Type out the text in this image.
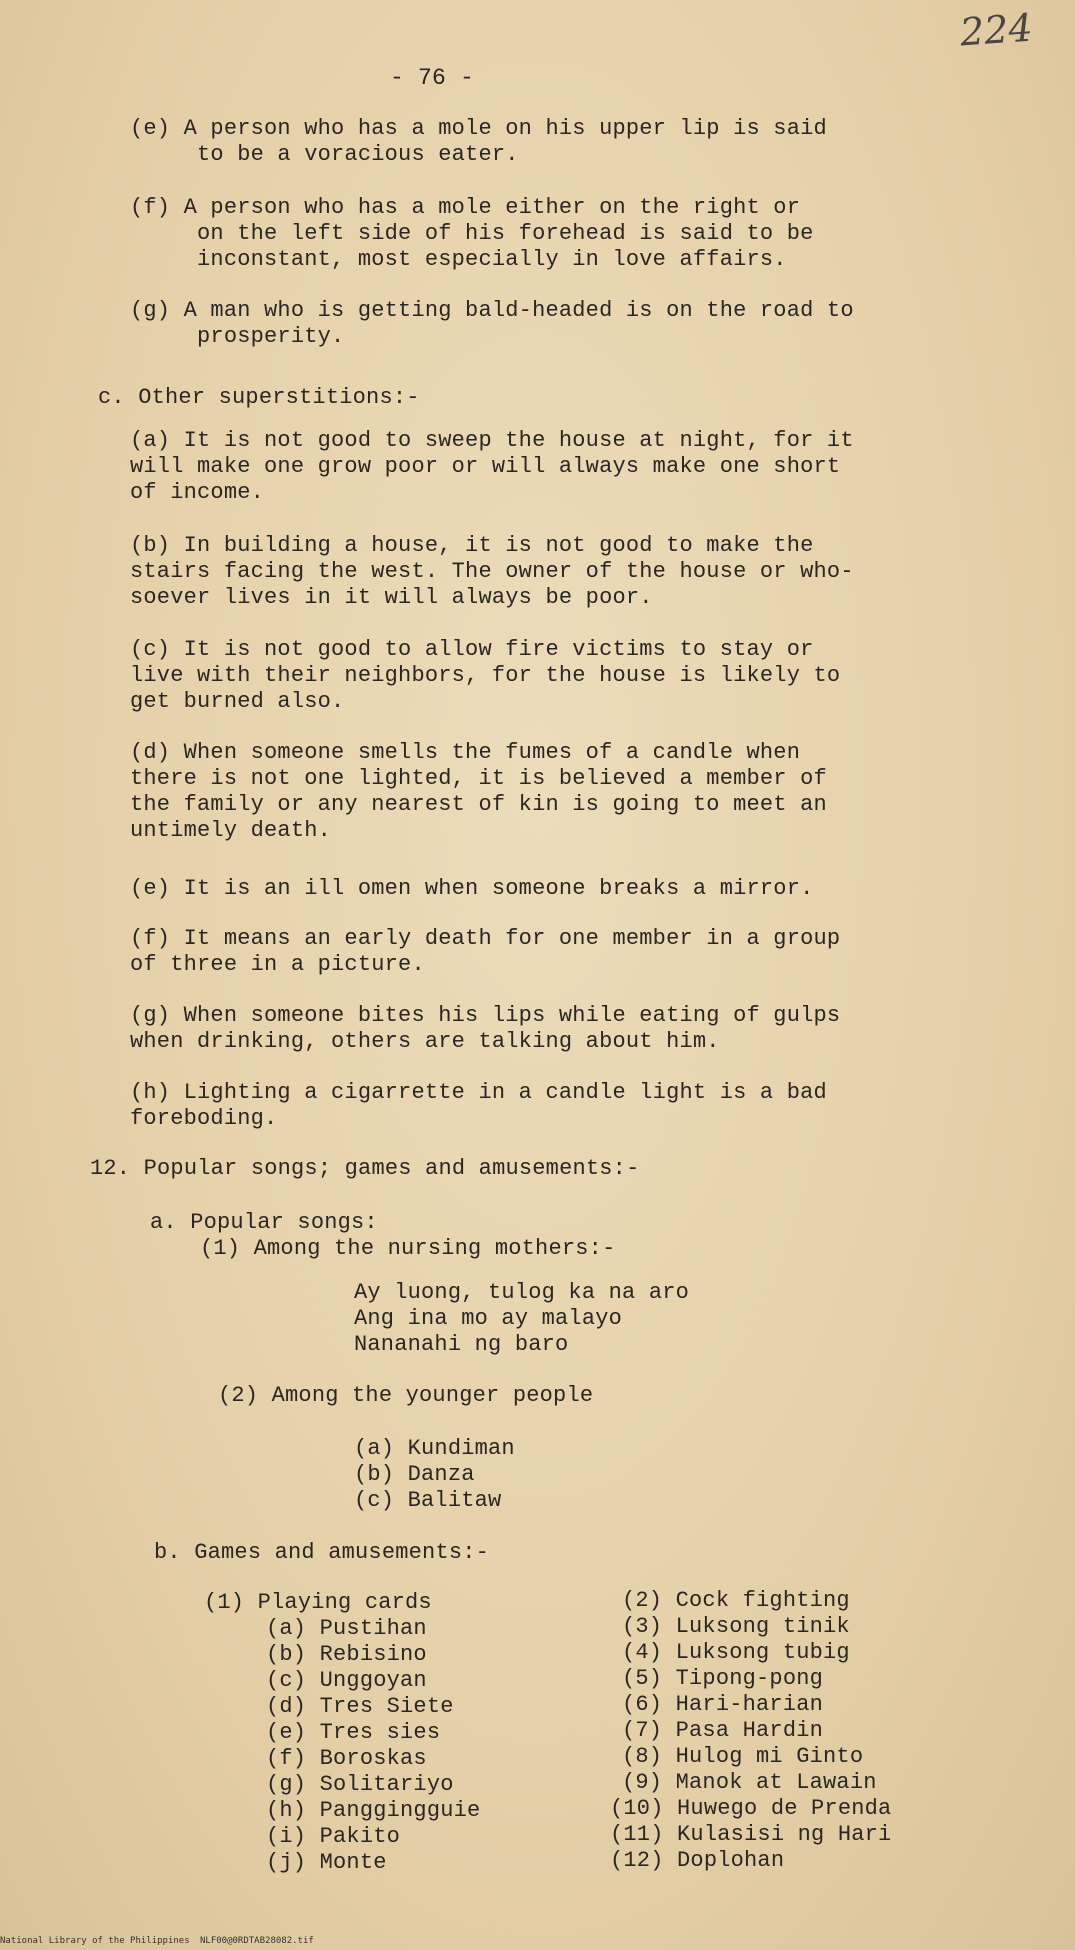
224
- 76 -
(e) A person who has a mole on his upper lip is said
to be a voracious eater.
(f) A person who has a mole either on the right or
on the left side of his forehead is said to be
inconstant, most especially in love affairs.
(g) A man who is getting bald-headed is on the road to
prosperity.
c. Other superstitions:-
(a) It is not good to sweep the house at night, for it
will make one grow poor or will always make one short
of income.
(b) In building a house, it is not good to make the
stairs facing the west. The owner of the house or who-
soever lives in it will always be poor.
(c) It is not good to allow fire victims to stay or
live with their neighbors, for the house is likely to
get burned also.
(d) When someone smells the fumes of a candle when
there is not one lighted, it is believed a member of
the family or any nearest of kin is going to meet an
untimely death.
(e) It is an ill omen when someone breaks a mirror.
(f) It means an early death for one member in a group
of three in a picture.
(g) When someone bites his lips while eating of gulps
when drinking, others are talking about him.
(h) Lighting a cigarrette in a candle light is a bad
foreboding.
12. Popular songs; games and amusements:-
a. Popular songs:
(1) Among the nursing mothers:-
Ay luong, tulog ka na aro
Ang ina mo ay malayo
Nananahi ng baro
(2) Among the younger people
(a) Kundiman
(b) Danza
(c) Balitaw
b. Games and amusements:-
(1) Playing cards
(a) Pustihan
(b) Rebisino
(c) Unggoyan
(d) Tres Siete
(e) Tres sies
(f) Boroskas
(g) Solitariyo
(h) Panggingguie
(i) Pakito
(j) Monte
(2) Cock fighting
(3) Luksong tinik
(4) Luksong tubig
(5) Tipong-pong
(6) Hari-harian
(7) Pasa Hardin
(8) Hulog mi Ginto
(9) Manok at Lawain
(10) Huwego de Prenda
(11) Kulasisi ng Hari
(12) Doplohan
National Library of the Philippines NLF00@0RDTAB28082.tif
